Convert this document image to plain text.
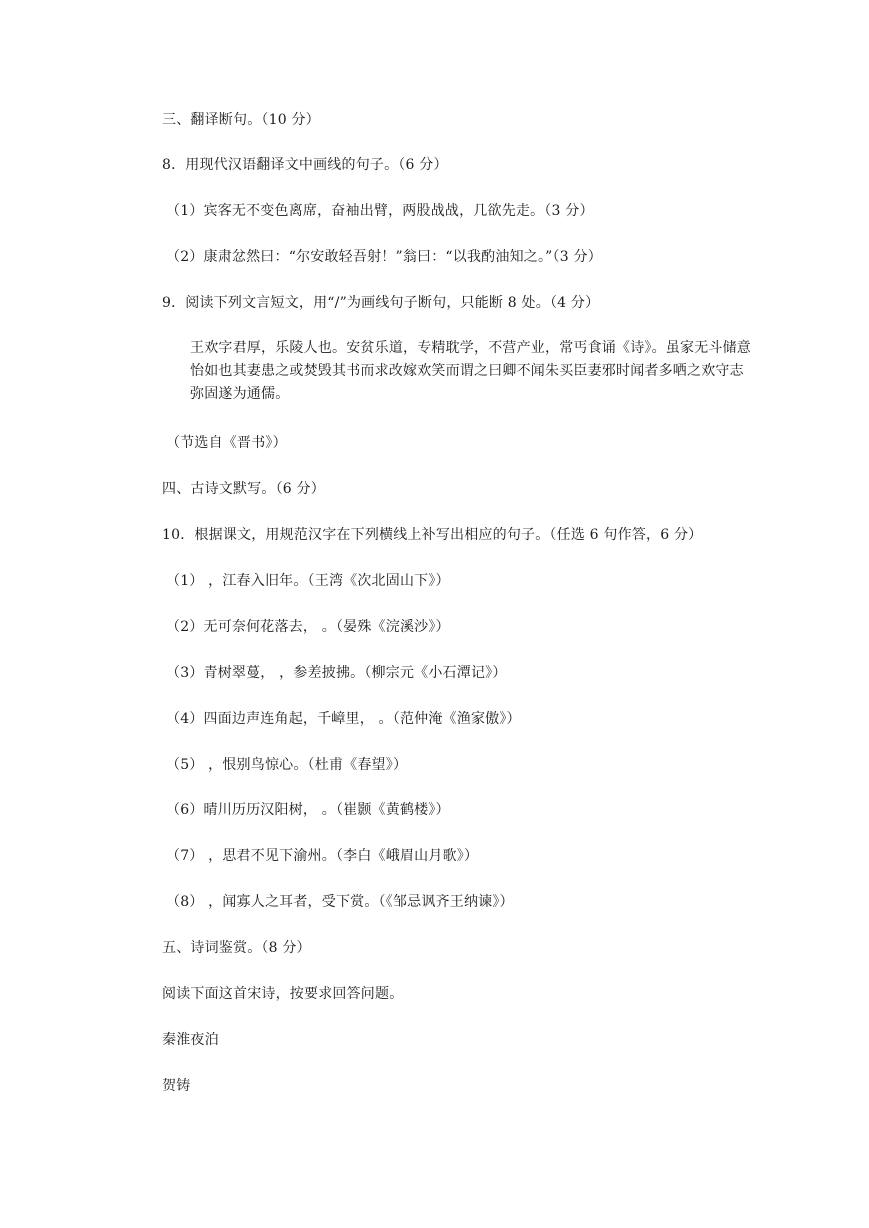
三、翻译断句。（10 分）
8．用现代汉语翻译文中画线的句子。（6 分）
（1）宾客无不变色离席，奋袖出臂，两股战战，几欲先走。（3 分）
（2）康肃忿然曰：“尔安敢轻吾射！”翁曰：“以我酌油知之。”（3 分）
9．阅读下列文言短文，用“/”为画线句子断句，只能断 8 处。（4 分）
王欢字君厚，乐陵人也。安贫乐道，专精耽学，不营产业，常丐食诵《诗》。虽家无斗储意怡如也其妻患之或焚毁其书而求改嫁欢笑而谓之曰卿不闻朱买臣妻邪时闻者多哂之欢守志弥固遂为通儒。
（节选自《晋书》）
四、古诗文默写。（6 分）
10．根据课文，用规范汉字在下列横线上补写出相应的句子。（任选 6 句作答，6 分）
（1） ，江春入旧年。（王湾《次北固山下》）
（2）无可奈何花落去， 。（晏殊《浣溪沙》）
（3）青树翠蔓， ，参差披拂。（柳宗元《小石潭记》）
（4）四面边声连角起，千嶂里， 。（范仲淹《渔家傲》）
（5） ，恨别鸟惊心。（杜甫《春望》）
（6）晴川历历汉阳树， 。（崔颢《黄鹤楼》）
（7） ，思君不见下渝州。（李白《峨眉山月歌》）
（8） ，闻寡人之耳者，受下赏。（《邹忌讽齐王纳谏》）
五、诗词鉴赏。（8 分）
阅读下面这首宋诗，按要求回答问题。
秦淮夜泊
贺铸
